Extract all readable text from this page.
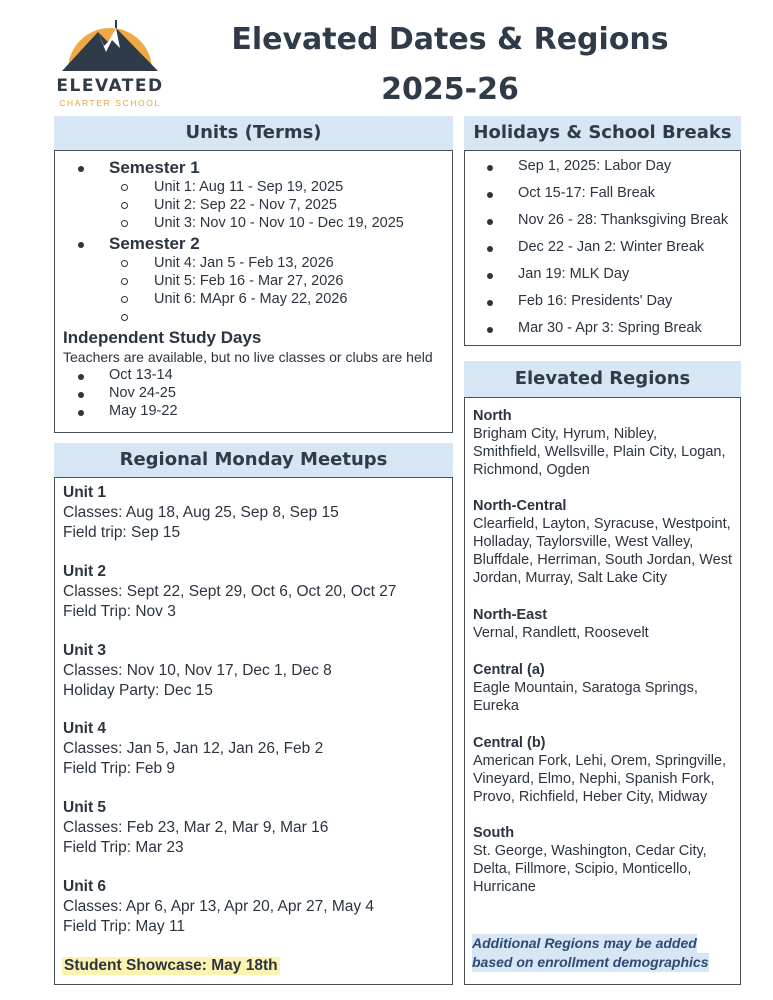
ELEVATED
CHARTER SCHOOL
Elevated Dates & Regions
2025-26
Units (Terms)
Semester 1
Unit 1: Aug 11 - Sep 19, 2025
Unit 2: Sep 22 - Nov 7, 2025
Unit 3: Nov 10 - Nov 10 - Dec 19, 2025
Semester 2
Unit 4: Jan 5 - Feb 13, 2026
Unit 5: Feb 16 - Mar 27, 2026
Unit 6: MApr 6 - May 22, 2026
Independent Study Days
Teachers are available, but no live classes or clubs are held
Oct 13-14
Nov 24-25
May 19-22
Holidays & School Breaks
Sep 1, 2025: Labor Day
Oct 15-17: Fall Break
Nov 26 - 28: Thanksgiving Break
Dec 22 - Jan 2: Winter Break
Jan 19: MLK Day
Feb 16: Presidents' Day
Mar 30 - Apr 3: Spring Break
Regional Monday Meetups
Unit 1
Classes: Aug 18, Aug 25, Sep 8, Sep 15
Field trip: Sep 15
Unit 2
Classes: Sept 22, Sept 29, Oct 6, Oct 20, Oct 27
Field Trip: Nov 3
Unit 3
Classes: Nov 10, Nov 17, Dec 1, Dec 8
Holiday Party: Dec 15
Unit 4
Classes: Jan 5, Jan 12, Jan 26, Feb 2
Field Trip: Feb 9
Unit 5
Classes: Feb 23, Mar 2, Mar 9, Mar 16
Field Trip: Mar 23
Unit 6
Classes: Apr 6, Apr 13, Apr 20, Apr 27, May 4
Field Trip: May 11
Student Showcase: May 18th
Elevated Regions
North
Brigham City, Hyrum, Nibley,
Smithfield, Wellsville, Plain City, Logan,
Richmond, Ogden
North-Central
Clearfield, Layton, Syracuse, Westpoint,
Holladay, Taylorsville, West Valley,
Bluffdale, Herriman, South Jordan, West
Jordan, Murray, Salt Lake City
North-East
Vernal, Randlett, Roosevelt
Central (a)
Eagle Mountain, Saratoga Springs,
Eureka
Central (b)
American Fork, Lehi, Orem, Springville,
Vineyard, Elmo, Nephi, Spanish Fork,
Provo, Richfield, Heber City, Midway
South
St. George, Washington, Cedar City,
Delta, Fillmore, Scipio, Monticello,
Hurricane
Additional Regions may be added
based on enrollment demographics
